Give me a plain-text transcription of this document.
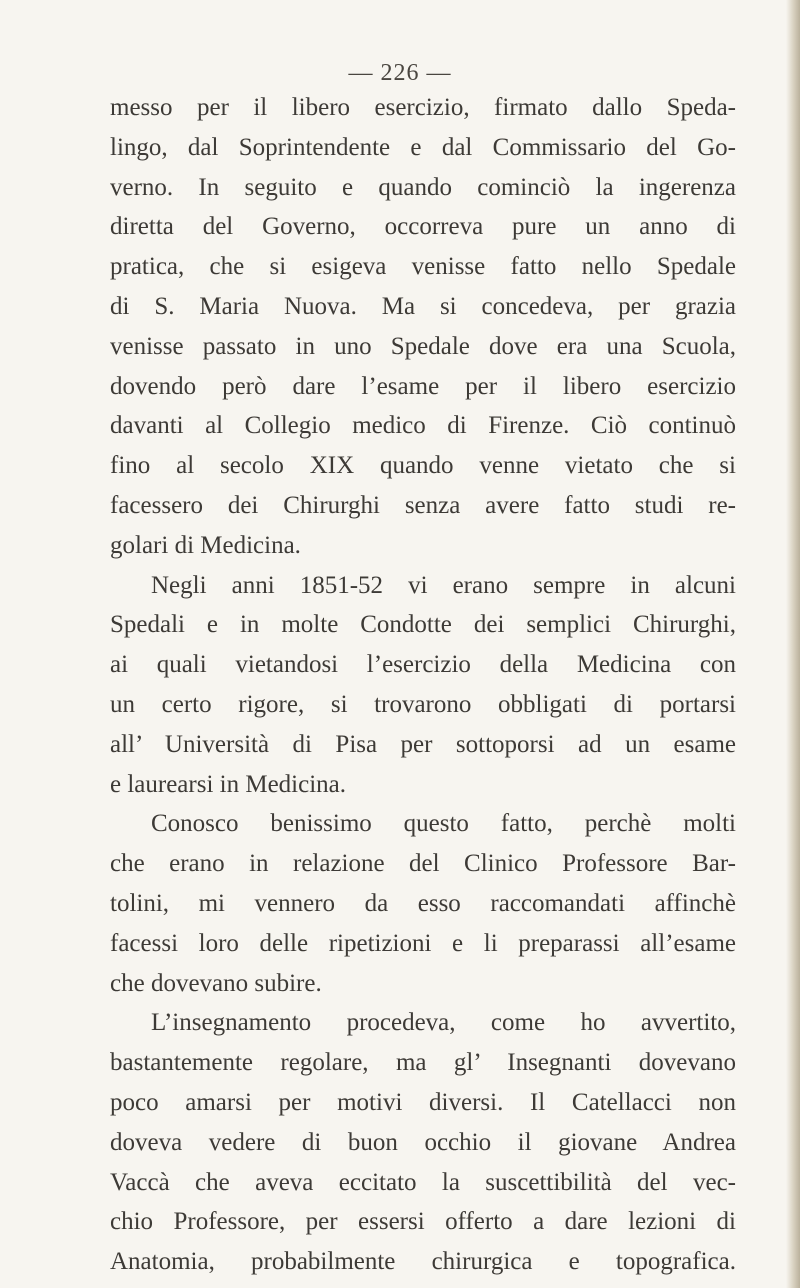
— 226 —
messo per il libero esercizio, firmato dallo Speda-
lingo, dal Soprintendente e dal Commissario del Go-
verno. In seguito e quando cominciò la ingerenza
diretta del Governo, occorreva pure un anno di
pratica, che si esigeva venisse fatto nello Spedale
di S. Maria Nuova. Ma si concedeva, per grazia
venisse passato in uno Spedale dove era una Scuola,
dovendo però dare l’esame per il libero esercizio
davanti al Collegio medico di Firenze. Ciò continuò
fino al secolo XIX quando venne vietato che si
facessero dei Chirurghi senza avere fatto studi re-
golari di Medicina.
Negli anni 1851-52 vi erano sempre in alcuni
Spedali e in molte Condotte dei semplici Chirurghi,
ai quali vietandosi l’esercizio della Medicina con
un certo rigore, si trovarono obbligati di portarsi
all’ Università di Pisa per sottoporsi ad un esame
e laurearsi in Medicina.
Conosco benissimo questo fatto, perchè molti
che erano in relazione del Clinico Professore Bar-
tolini, mi vennero da esso raccomandati affinchè
facessi loro delle ripetizioni e li preparassi all’esame
che dovevano subire.
L’insegnamento procedeva, come ho avvertito,
bastantemente regolare, ma gl’ Insegnanti dovevano
poco amarsi per motivi diversi. Il Catellacci non
doveva vedere di buon occhio il giovane Andrea
Vaccà che aveva eccitato la suscettibilità del vec-
chio Professore, per essersi offerto a dare lezioni di
Anatomia, probabilmente chirurgica e topografica.
